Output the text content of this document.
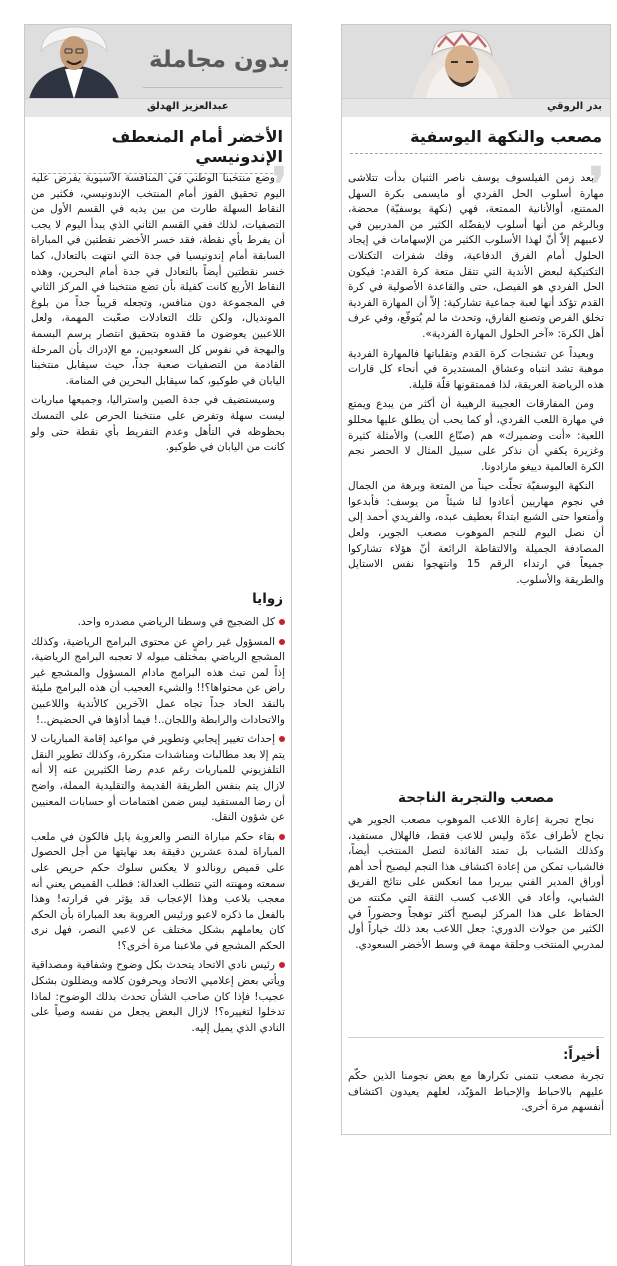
بدر الروقي
مصعب والنكهة اليوسفية
❜

بعد زمن الفيلسوف يوسف ناصر الثنيان بدأت تتلاشى مهارة أسلوب الحل الفردي أو مايسمى بكرة السهل الممتنع، أوالأنانية الممتعة، فهي (نكهة يوسفيّة) محضة، وبالرغم من أنها أسلوب لايفضّله الكثير من المدربين في لاعبيهم إلاّ أنّ لهذا الأسلوب الكثير من الإسهامات في إيجاد الحلول أمام الفرق الدفاعية، وفك شفرات التكتلات التكتيكية لبعض الأندية التي تتقل متعة كرة القدم: فيكون الحل الفردي هو الفيصل، حتى والقاعدة الأصولية في كرة القدم تؤكد أنها لعبة جماعية تشاركية: إلاّ أن المهارة الفردية تخلق الفرص وتصنع الفارق، وتحدث ما لم يُتوقّع، وفي عرف أهل الكرة: «آخر الحلول المهارة الفردية».

وبعيداً عن تشنجات كرة القدم وتقلباتها فالمهارة الفردية موهبة تشد انتباه وعشاق المستديرة في أنحاء كل قارات هذه الرياضة العريقة، لذا فممتقونها قلّة قليلة.

ومن المفارقات العجيبة الرهيبة أن أكثر من يبدع ويمتع في مهارة اللعب الفردي، أو كما يحب أن يطلق عليها محللو اللعبة: «أنت وضميرك» هم (صنّاع اللعب) والأمثلة كثيرة وغزيرة يكفي أن نذكر على سبيل المثال لا الحصر نجم الكرة العالمية دييغو مارادونا.

النكهة اليوسفيّة تجلّت حيناً من المتعة وبرهة من الجمال في نجوم مهاريين أعادوا لنا شيئاً من يوسف: فأبدعوا وأمتعوا حتى الشبع ابتداءً بعطيف عبده، والفريدي أحمد إلى أن نصل اليوم للنجم الموهوب مصعب الجوير، ولعل المصادفة الجميلة والالتقاطة الرائعة أنّ هؤلاء تشاركوا جميعاً في ارتداء الرقم 15 وانتهجوا نفس الاستايل والطريقة والأسلوب.

مصعب والتجربة الناجحة

نجاح تجربة إعارة اللاعب الموهوب مصعب الجوير هي نجاح لأطراف عدّة وليس للاعب فقط، فالهلال مستفيد، وكذلك الشباب بل تمتد الفائدة لتصل المنتخب أيضاً، فالشباب تمكن من إعادة اكتشاف هذا النجم ليصبح أحد أهم أوراق المدير الفني بيريرا مما انعكس على نتائج الفريق الشبابي، وأعاد في اللاعب كسب الثقة التي مكنته من الحفاظ على هذا المركز ليصبح أكثر توهجاً وحضوراً في الكثير من جولات الدوري: جعل اللاعب بعد ذلك خياراً أول لمدربي المنتخب وحلقة مهمة في وسط الأخضر السعودي.

أخيراً:
تجربة مصعب تتمنى تكرارها مع بعض نجومنا الذين حكّم عليهم بالاحباط والإحباط المؤبّد، لعلهم يعيدون اكتشاف أنفسهم مرة أخرى.
بدون مجاملة
عبدالعزيز الهدلق
الأخضر أمام المنعطف الإندونيسي
❜

وضع منتخبنا الوطني في المنافسة الآسيوية يفرض عليه اليوم تحقيق الفوز أمام المنتخب الإندونيسي، فكثير من النقاط السهلة طارت من بين يديه في القسم الأول من التصفيات، لذلك ففي القسم الثاني الذي يبدأ اليوم لا يجب أن يفرط بأي نقطة، فقد خسر الأخضر نقطتين في المباراة السابقة أمام إندونيسيا في جدة التي انتهت بالتعادل، كما خسر نقطتين أيضاً بالتعادل في جدة أمام البحرين، وهذه النقاط الأربع كانت كفيلة بأن تضع منتخبنا في المركز الثاني في المجموعة دون منافس، وتجعله قريباً جداً من بلوغ المونديال، ولكن تلك التعادلات صعّبت المهمة، ولعل اللاعبين يعوضون ما فقدوه بتحقيق انتصار يرسم البسمة والبهجة في نفوس كل السعوديين، مع الإدراك بأن المرحلة القادمة من التصفيات صعبة جداً، حيث سيقابل منتخبنا اليابان في طوكيو، كما سيقابل البحرين في المنامة.

وسيستضيف في جدة الصين واستراليا، وجميعها مباريات ليست سهلة وتفرض على منتخبنا الحرص على التمسك بحظوظه في التأهل وعدم التفريط بأي نقطة حتى ولو كانت من اليابان في طوكيو.

زوايا
كل الضجيج في وسطنا الرياضي مصدره واحد.
المسؤول غير راضٍ عن محتوى البرامج الرياضية، وكذلك المشجع الرياضي بمختلف ميوله لا تعجبه البرامج الرياضية، إذاً لمن تبث هذه البرامج مادام المسؤول والمشجع غير راض عن محتواها؟!! والشيء العجيب أن هذه البرامج مليئة بالنقد الحاد جداً تجاه عمل الآخرين كالأندية واللاعبين والاتحادات والرابطة واللجان..! فيما أداؤها في الحضيض..!
إحداث تغيير إيجابي وتطوير في مواعيد إقامة المباريات لا يتم إلا بعد مطالبات ومناشدات متكررة، وكذلك تطوير النقل التلفزيوني للمباريات رغم عدم رضا الكثيرين عنه إلا أنه لازال يتم بنفس الطريقة القديمة والتقليدية المملة، واضح أن رضا المستفيد ليس ضمن اهتمامات أو حسابات المعنيين عن شؤون النقل.
بقاء حكم مباراة النصر والعروبة يايل فالكون في ملعب المباراة لمدة عشرين دقيقة بعد نهايتها من أجل الحصول على قميص رونالدو لا يعكس سلوك حكم حريص على سمعته ومهنته التي تتطلب العدالة: فطلب القميص يعني أنه معجب بلاعب وهذا الإعجاب قد يؤثر في قرارته! وهذا بالفعل ما ذكره لاعبو ورئيس العروبة بعد المباراة بأن الحكم كان يعاملهم بشكل مختلف عن لاعبي النصر، فهل نرى الحكم المشجع في ملاعبنا مرة أخرى؟!
رئيس نادي الاتحاد يتحدث بكل وضوح وشفافية ومصداقية ويأتي بعض إعلاميي الاتحاد ويحرفون كلامه ويضللون بشكل عجيب! فإذا كان صاحب الشأن تحدث بذلك الوضوح: لماذا تدخلوا لتغييره؟! لازال البعض يجعل من نفسه وصياً على النادي الذي يميل إليه.
